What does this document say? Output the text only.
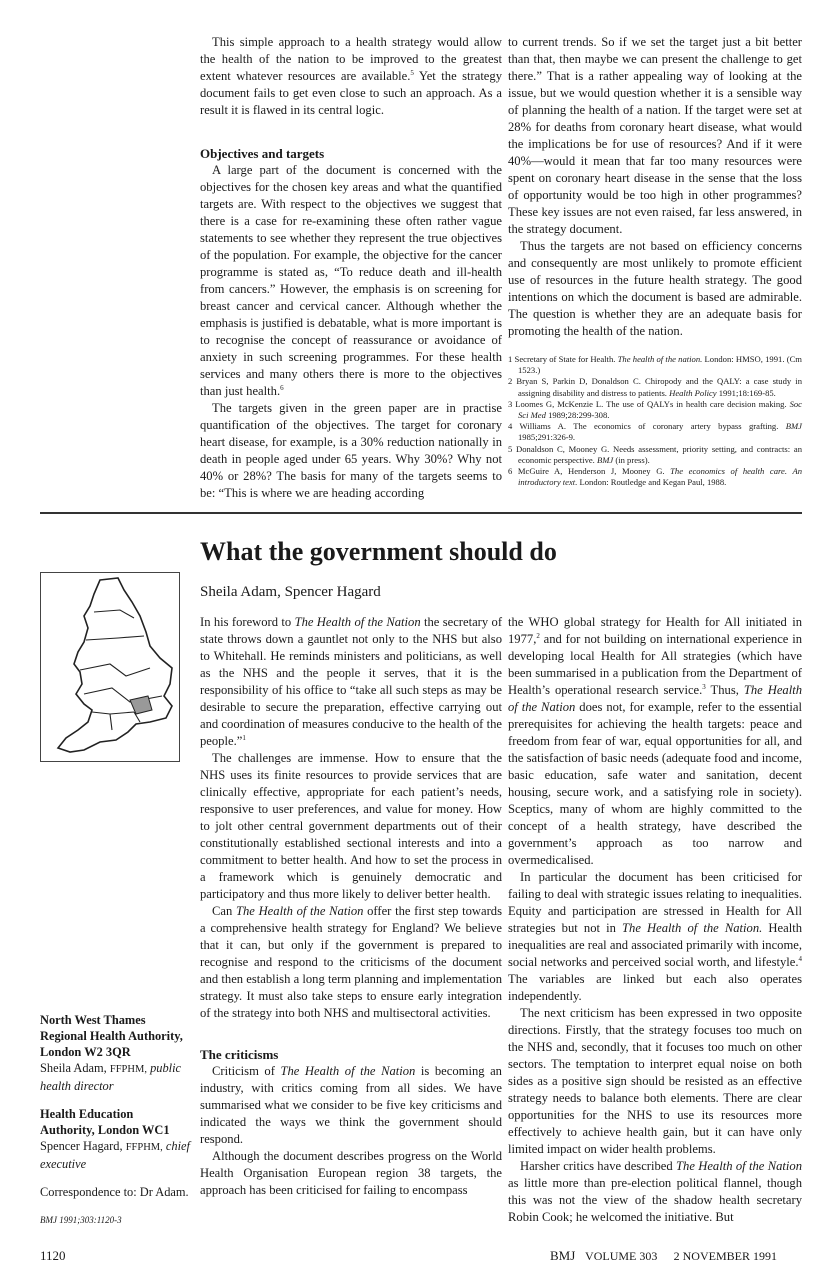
This simple approach to a health strategy would allow the health of the nation to be improved to the greatest extent whatever resources are available.$^5$ Yet the strategy document fails to get even close to such an approach. As a result it is flawed in its central logic.

Objectives and targets

A large part of the document is concerned with the objectives for the chosen key areas and what the quantified targets are. With respect to the objectives we suggest that there is a case for re-examining these often rather vague statements to see whether they represent the true objectives of the population. For example, the objective for the cancer programme is stated as, “To reduce death and ill-health from cancers.” However, the emphasis is on screening for breast cancer and cervical cancer. Although whether the emphasis is justified is debatable, what is more important is to recognise the concept of reassurance or avoidance of anxiety in such screening programmes. For these health services and many others there is more to the objectives than just health.$^6$

The targets given in the green paper are in practise quantification of the objectives. The target for coronary heart disease, for example, is a 30% reduction nationally in death in people aged under 65 years. Why 30%? Why not 40% or 28%? The basis for many of the targets seems to be: “This is where we are heading according

to current trends. So if we set the target just a bit better than that, then maybe we can present the challenge to get there.” That is a rather appealing way of looking at the issue, but we would question whether it is a sensible way of planning the health of a nation. If the target were set at 28% for deaths from coronary heart disease, what would the implications be for use of resources? And if it were 40%—would it mean that far too many resources were spent on coronary heart disease in the sense that the loss of opportunity would be too high in other programmes? These key issues are not even raised, far less answered, in the strategy document.

Thus the targets are not based on efficiency concerns and consequently are most unlikely to promote efficient use of resources in the future health strategy. The good intentions on which the document is based are admirable. The question is whether they are an adequate basis for promoting the health of the nation.

1 Secretary of State for Health. The health of the nation. London: HMSO, 1991. (Cm 1523.)
2 Bryan S, Parkin D, Donaldson C. Chiropody and the QALY: a case study in assigning disability and distress to patients. Health Policy 1991;18:169-85.
3 Loomes G, McKenzie L. The use of QALYs in health care decision making. Soc Sci Med 1989;28:299-308.
4 Williams A. The economics of coronary artery bypass grafting. BMJ 1985;291:326-9.
5 Donaldson C, Mooney G. Needs assessment, priority setting, and contracts: an economic perspective. BMJ (in press).
6 McGuire A, Henderson J, Mooney G. The economics of health care. An introductory text. London: Routledge and Kegan Paul, 1988.
North West Thames Regional Health Authority, London W2 3QR
Sheila Adam, FFPHM, public health director
Health Education Authority, London WC1
Spencer Hagard, FFPHM, chief executive
Correspondence to: Dr Adam.
BMJ 1991;303:1120-3
What the government should do
Sheila Adam, Spencer Hagard

In his foreword to The Health of the Nation the secretary of state throws down a gauntlet not only to the NHS but also to Whitehall. He reminds ministers and politicians, as well as the NHS and the people it serves, that it is the responsibility of his office to “take all such steps as may be desirable to secure the preparation, effective carrying out and coordination of measures conducive to the health of the people.”$^1$

The challenges are immense. How to ensure that the NHS uses its finite resources to provide services that are clinically effective, appropriate for each patient’s needs, responsive to user preferences, and value for money. How to jolt other central government departments out of their constitutionally established sectional interests and into a commitment to better health. And how to set the process in a framework which is genuinely democratic and participatory and thus more likely to deliver better health.

Can The Health of the Nation offer the first step towards a comprehensive health strategy for England? We believe that it can, but only if the government is prepared to recognise and respond to the criticisms of the document and then establish a long term planning and implementation strategy. It must also take steps to ensure early integration of the strategy into both NHS and multisectoral activities.

The criticisms

Criticism of The Health of the Nation is becoming an industry, with critics coming from all sides. We have summarised what we consider to be five key criticisms and indicated the ways we think the government should respond.

Although the document describes progress on the World Health Organisation European region 38 targets, the approach has been criticised for failing to encompass

the WHO global strategy for Health for All initiated in 1977,$^2$ and for not building on international experience in developing local Health for All strategies (which have been summarised in a publication from the Department of Health’s operational research service.$^3$ Thus, The Health of the Nation does not, for example, refer to the essential prerequisites for achieving the health targets: peace and freedom from fear of war, equal opportunities for all, and the satisfaction of basic needs (adequate food and income, basic education, safe water and sanitation, decent housing, secure work, and a satisfying role in society). Sceptics, many of whom are highly committed to the concept of a health strategy, have described the government’s approach as too narrow and overmedicalised.

In particular the document has been criticised for failing to deal with strategic issues relating to inequalities. Equity and participation are stressed in Health for All strategies but not in The Health of the Nation. Health inequalities are real and associated primarily with income, social networks and perceived social worth, and lifestyle.$^4$ The variables are linked but each also operates independently.

The next criticism has been expressed in two opposite directions. Firstly, that the strategy focuses too much on the NHS and, secondly, that it focuses too much on other sectors. The temptation to interpret equal noise on both sides as a positive sign should be resisted as an effective strategy needs to balance both elements. There are clear opportunities for the NHS to use its resources more effectively to achieve health gain, but it can have only limited impact on wider health problems.

Harsher critics have described The Health of the Nation as little more than pre-election political flannel, though this was not the view of the shadow health secretary Robin Cook; he welcomed the initiative. But

1120	BMJ VOLUME 303 2 NOVEMBER 1991
